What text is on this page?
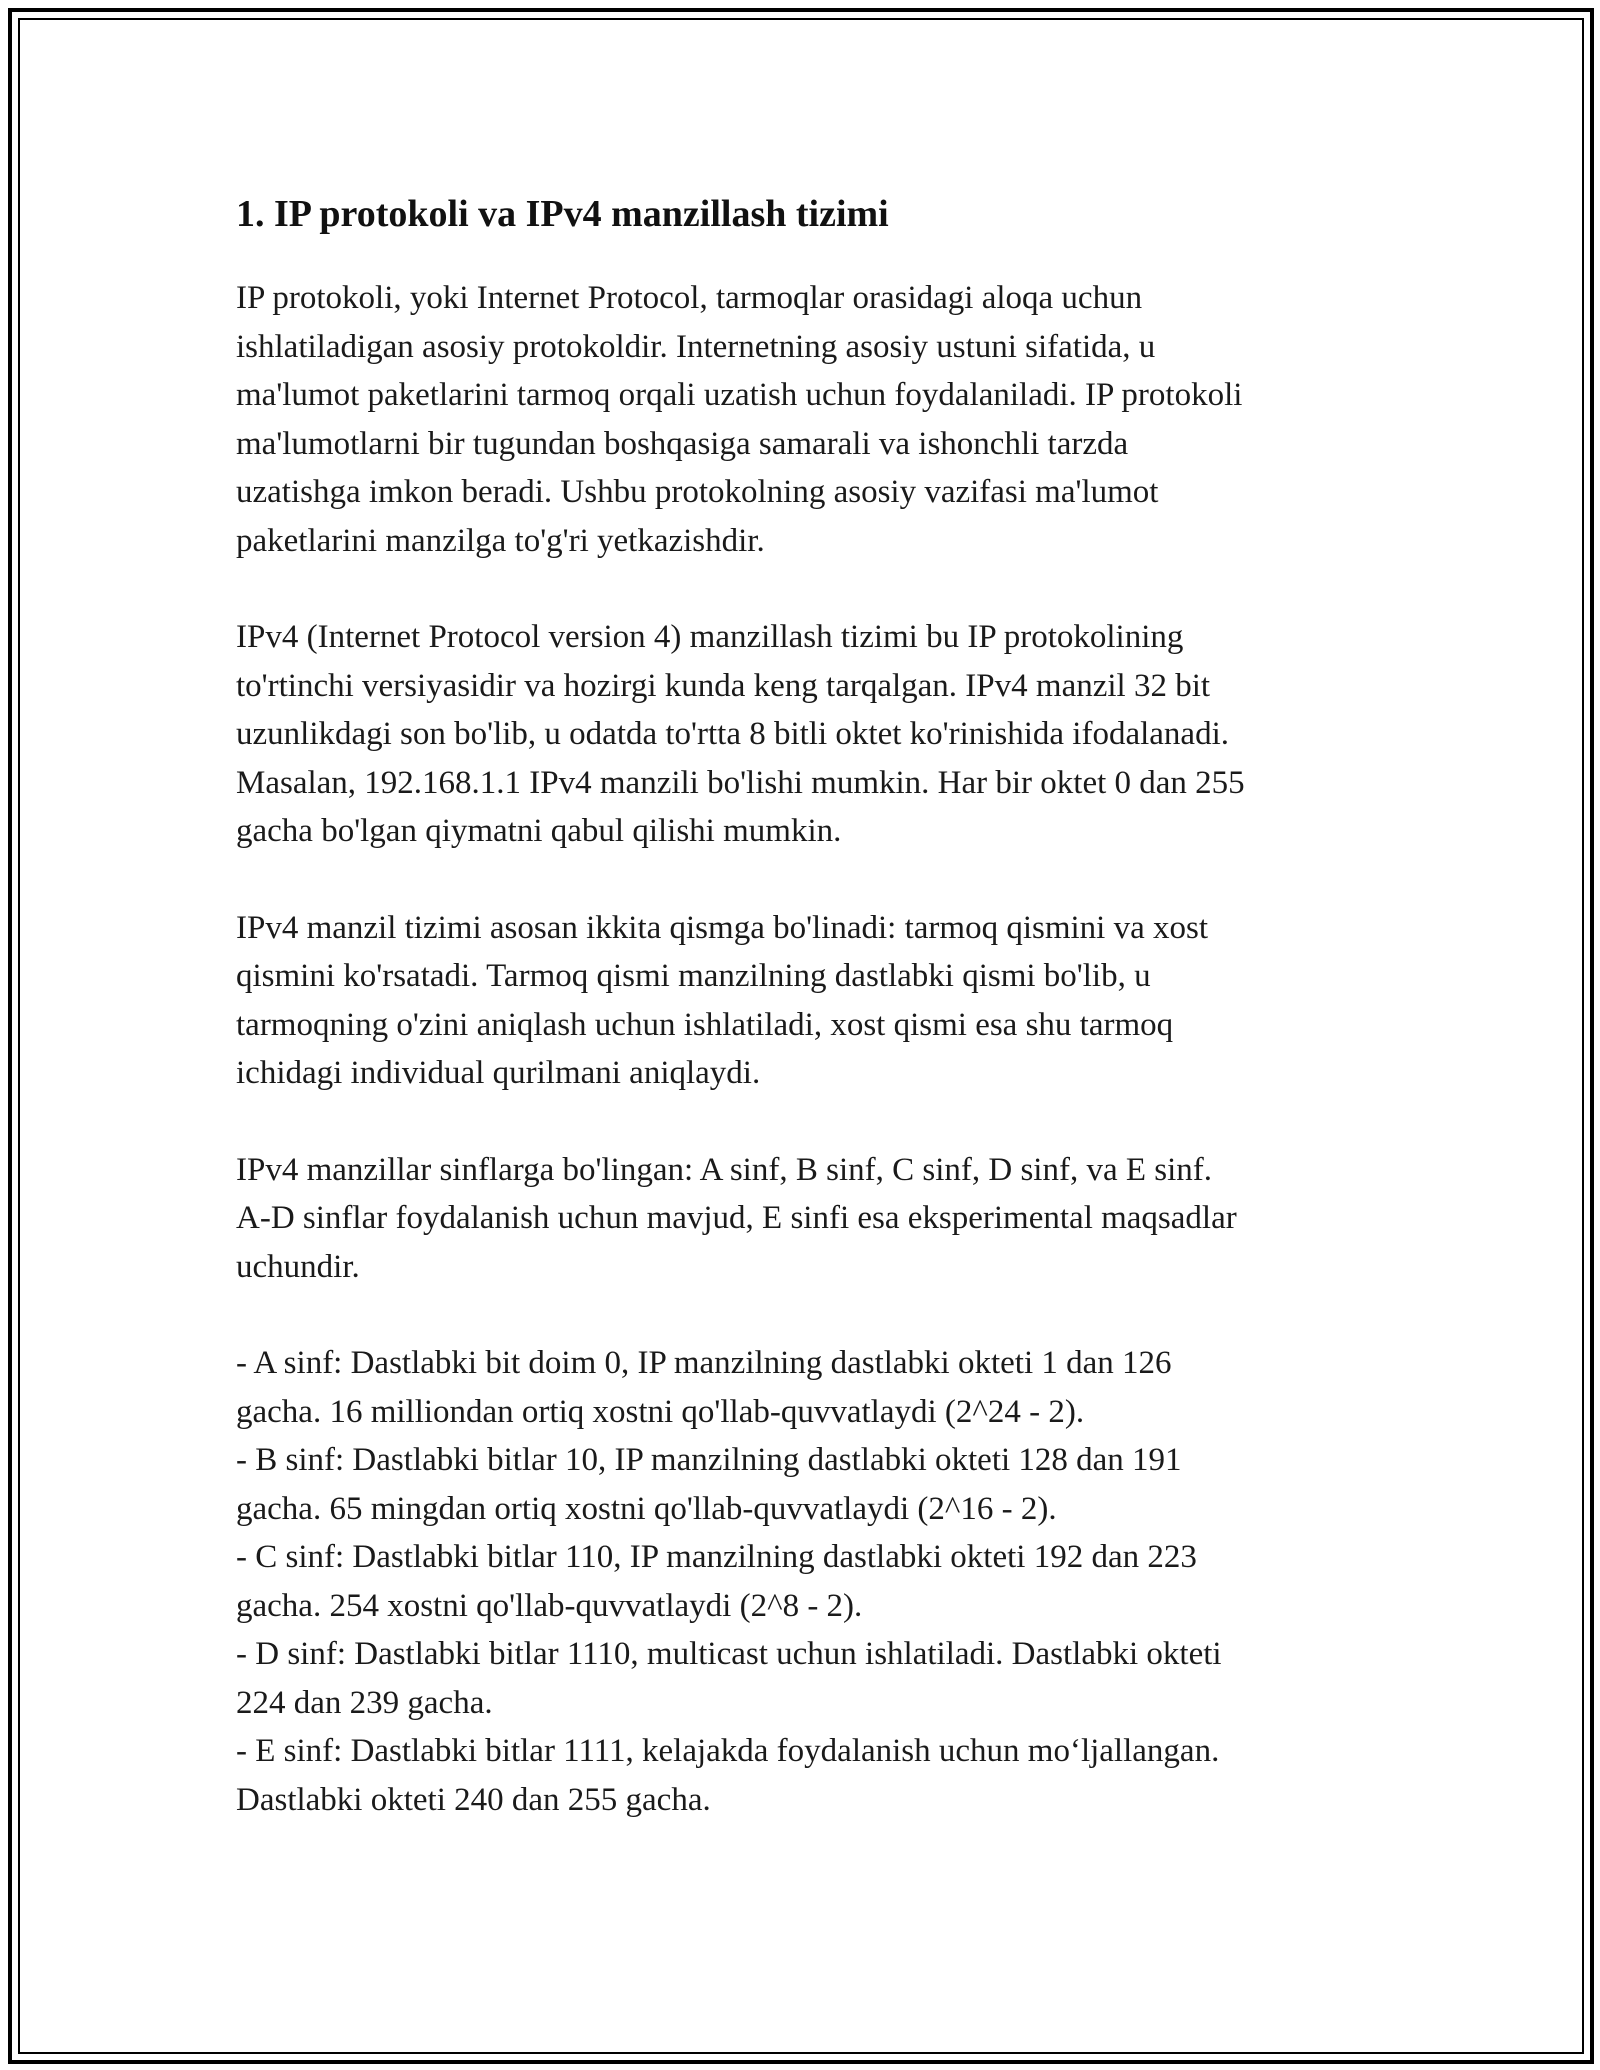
1. IP protokoli va IPv4 manzillash tizimi

IP protokoli, yoki Internet Protocol, tarmoqlar orasidagi aloqa uchun
ishlatiladigan asosiy protokoldir. Internetning asosiy ustuni sifatida, u
ma'lumot paketlarini tarmoq orqali uzatish uchun foydalaniladi. IP protokoli
ma'lumotlarni bir tugundan boshqasiga samarali va ishonchli tarzda
uzatishga imkon beradi. Ushbu protokolning asosiy vazifasi ma'lumot
paketlarini manzilga to'g'ri yetkazishdir.

IPv4 (Internet Protocol version 4) manzillash tizimi bu IP protokolining
to'rtinchi versiyasidir va hozirgi kunda keng tarqalgan. IPv4 manzil 32 bit
uzunlikdagi son bo'lib, u odatda to'rtta 8 bitli oktet ko'rinishida ifodalanadi.
Masalan, 192.168.1.1 IPv4 manzili bo'lishi mumkin. Har bir oktet 0 dan 255
gacha bo'lgan qiymatni qabul qilishi mumkin.

IPv4 manzil tizimi asosan ikkita qismga bo'linadi: tarmoq qismini va xost
qismini ko'rsatadi. Tarmoq qismi manzilning dastlabki qismi bo'lib, u
tarmoqning o'zini aniqlash uchun ishlatiladi, xost qismi esa shu tarmoq
ichidagi individual qurilmani aniqlaydi.

IPv4 manzillar sinflarga bo'lingan: A sinf, B sinf, C sinf, D sinf, va E sinf.
A-D sinflar foydalanish uchun mavjud, E sinfi esa eksperimental maqsadlar
uchundir.

- A sinf: Dastlabki bit doim 0, IP manzilning dastlabki okteti 1 dan 126
gacha. 16 milliondan ortiq xostni qo'llab-quvvatlaydi (2^24 - 2).
- B sinf: Dastlabki bitlar 10, IP manzilning dastlabki okteti 128 dan 191
gacha. 65 mingdan ortiq xostni qo'llab-quvvatlaydi (2^16 - 2).
- C sinf: Dastlabki bitlar 110, IP manzilning dastlabki okteti 192 dan 223
gacha. 254 xostni qo'llab-quvvatlaydi (2^8 - 2).
- D sinf: Dastlabki bitlar 1110, multicast uchun ishlatiladi. Dastlabki okteti
224 dan 239 gacha.
- E sinf: Dastlabki bitlar 1111, kelajakda foydalanish uchun mo‘ljallangan.
Dastlabki okteti 240 dan 255 gacha.
